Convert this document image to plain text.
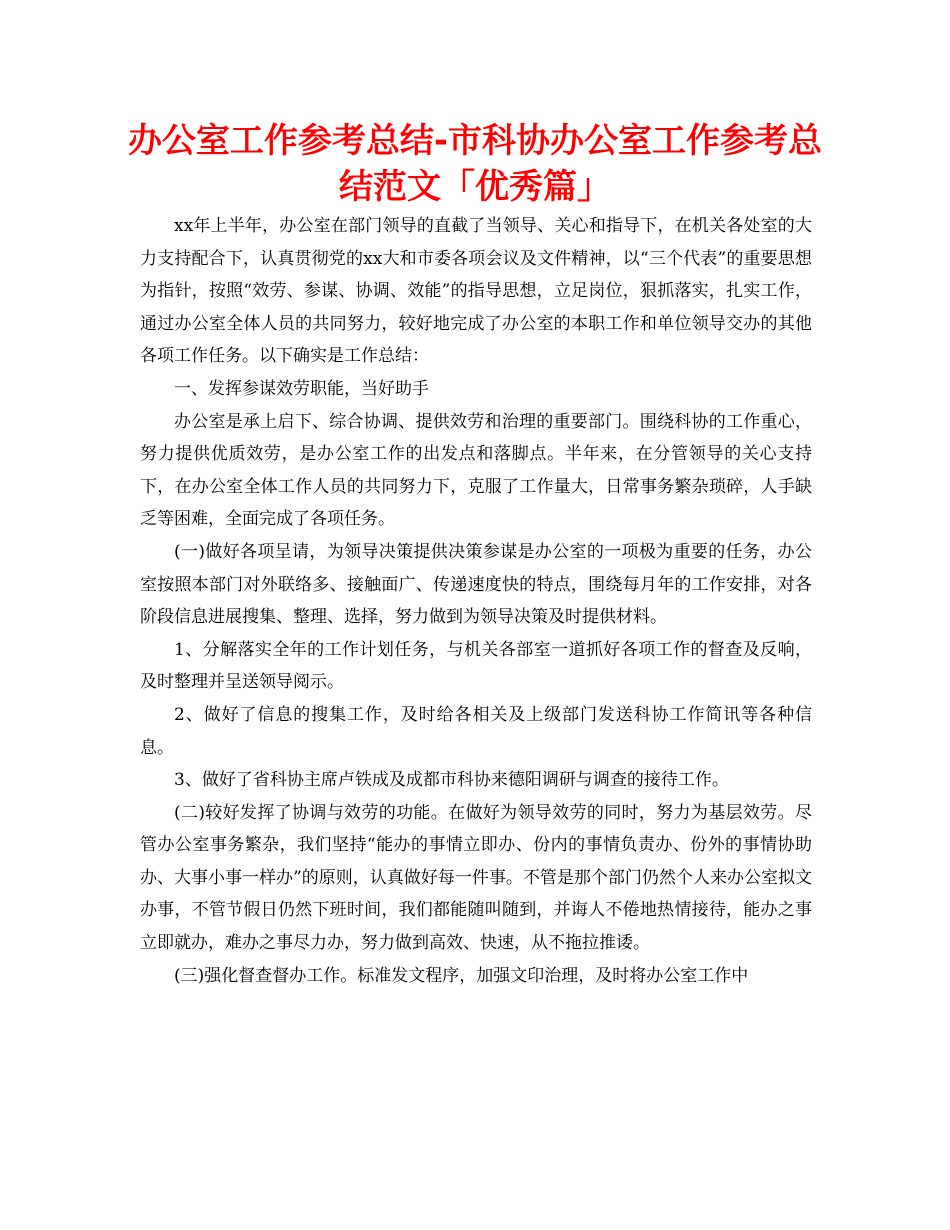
办公室工作参考总结-市科协办公室工作参考总结范文「优秀篇」

xx年上半年，办公室在部门领导的直截了当领导、关心和指导下，在机关各处室的大力支持配合下，认真贯彻党的xx大和市委各项会议及文件精神，以“三个代表”的重要思想为指针，按照“效劳、参谋、协调、效能”的指导思想，立足岗位，狠抓落实，扎实工作，通过办公室全体人员的共同努力，较好地完成了办公室的本职工作和单位领导交办的其他各项工作任务。以下确实是工作总结：

一、发挥参谋效劳职能，当好助手

办公室是承上启下、综合协调、提供效劳和治理的重要部门。围绕科协的工作重心，努力提供优质效劳，是办公室工作的出发点和落脚点。半年来，在分管领导的关心支持下，在办公室全体工作人员的共同努力下，克服了工作量大，日常事务繁杂琐碎，人手缺乏等困难，全面完成了各项任务。

(一)做好各项呈请，为领导决策提供决策参谋是办公室的一项极为重要的任务，办公室按照本部门对外联络多、接触面广、传递速度快的特点，围绕每月年的工作安排，对各阶段信息进展搜集、整理、选择，努力做到为领导决策及时提供材料。

1、分解落实全年的工作计划任务，与机关各部室一道抓好各项工作的督查及反响，及时整理并呈送领导阅示。

2、做好了信息的搜集工作，及时给各相关及上级部门发送科协工作简讯等各种信息。

3、做好了省科协主席卢铁成及成都市科协来德阳调研与调查的接待工作。

(二)较好发挥了协调与效劳的功能。在做好为领导效劳的同时，努力为基层效劳。尽管办公室事务繁杂，我们坚持“能办的事情立即办、份内的事情负责办、份外的事情协助办、大事小事一样办”的原则，认真做好每一件事。不管是那个部门仍然个人来办公室拟文办事，不管节假日仍然下班时间，我们都能随叫随到，并诲人不倦地热情接待，能办之事立即就办，难办之事尽力办，努力做到高效、快速，从不拖拉推诿。

(三)强化督查督办工作。标准发文程序，加强文印治理，及时将办公室工作中
